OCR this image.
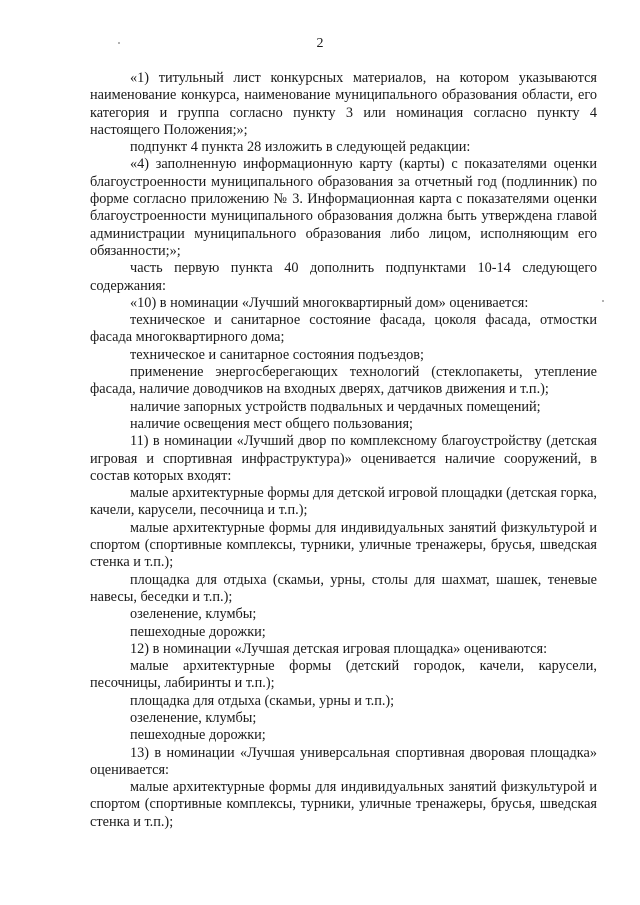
2

«1) титульный лист конкурсных материалов, на котором указываются наименование конкурса, наименование муниципального образования области, его категория и группа согласно пункту 3 или номинация согласно пункту 4 настоящего Положения;»;

подпункт 4 пункта 28 изложить в следующей редакции:

«4) заполненную информационную карту (карты) с показателями оценки благоустроенности муниципального образования за отчетный год (подлинник) по форме согласно приложению № 3. Информационная карта с показателями оценки благоустроенности муниципального образования должна быть утверждена главой администрации муниципального образования либо лицом, исполняющим его обязанности;»;

часть первую пункта 40 дополнить подпунктами 10-14 следующего содержания:

«10) в номинации «Лучший многоквартирный дом» оценивается:

техническое и санитарное состояние фасада, цоколя фасада, отмостки фасада многоквартирного дома;

техническое и санитарное состояния подъездов;

применение энергосберегающих технологий (стеклопакеты, утепление фасада, наличие доводчиков на входных дверях, датчиков движения и т.п.);

наличие запорных устройств подвальных и чердачных помещений;

наличие освещения мест общего пользования;

11) в номинации «Лучший двор по комплексному благоустройству (детская игровая и спортивная инфраструктура)» оценивается наличие сооружений, в состав которых входят:

малые архитектурные формы для детской игровой площадки (детская горка, качели, карусели, песочница и т.п.);

малые архитектурные формы для индивидуальных занятий физкультурой и спортом (спортивные комплексы, турники, уличные тренажеры, брусья, шведская стенка и т.п.);

площадка для отдыха (скамьи, урны, столы для шахмат, шашек, теневые навесы, беседки и т.п.);

озеленение, клумбы;

пешеходные дорожки;

12) в номинации «Лучшая детская игровая площадка» оцениваются:

малые архитектурные формы (детский городок, качели, карусели, песочницы, лабиринты и т.п.);

площадка для отдыха (скамьи, урны и т.п.);

озеленение, клумбы;

пешеходные дорожки;

13) в номинации «Лучшая универсальная спортивная дворовая площадка» оценивается:

малые архитектурные формы для индивидуальных занятий физкультурой и спортом (спортивные комплексы, турники, уличные тренажеры, брусья, шведская стенка и т.п.);
